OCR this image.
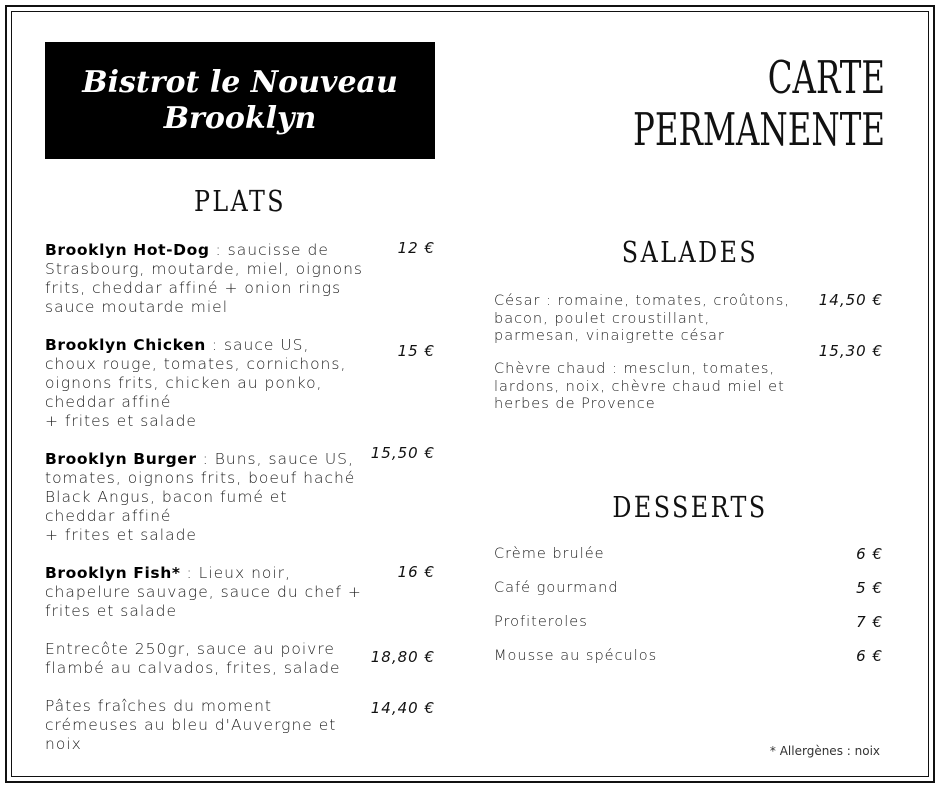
Bistrot le Nouveau
Brooklyn
CARTE
PERMANENTE
PLATS
Brooklyn Hot-Dog : saucisse de Strasbourg, moutarde, miel, oignons frits, cheddar affiné + onion rings sauce moutarde miel
12 €
Brooklyn Chicken : sauce US, choux rouge, tomates, cornichons, oignons frits, chicken au ponko, cheddar affiné
+ frites et salade
15 €
Brooklyn Burger : Buns, sauce US, tomates, oignons frits, boeuf haché Black Angus, bacon fumé et cheddar affiné
+ frites et salade
15,50 €
Brooklyn Fish* : Lieux noir, chapelure sauvage, sauce du chef + frites et salade
16 €
Entrecôte 250gr, sauce au poivre flambé au calvados, frites, salade
18,80 €
Pâtes fraîches du moment crémeuses au bleu d'Auvergne et noix
14,40 €
SALADES
César : romaine, tomates, croûtons, bacon, poulet croustillant, parmesan, vinaigrette césar
14,50 €
Chèvre chaud : mesclun, tomates, lardons, noix, chèvre chaud miel et herbes de Provence
15,30 €
DESSERTS
Crème brulée	6 €
Café gourmand	5 €
Profiteroles	7 €
Mousse au spéculos	6 €
* Allergènes : noix
